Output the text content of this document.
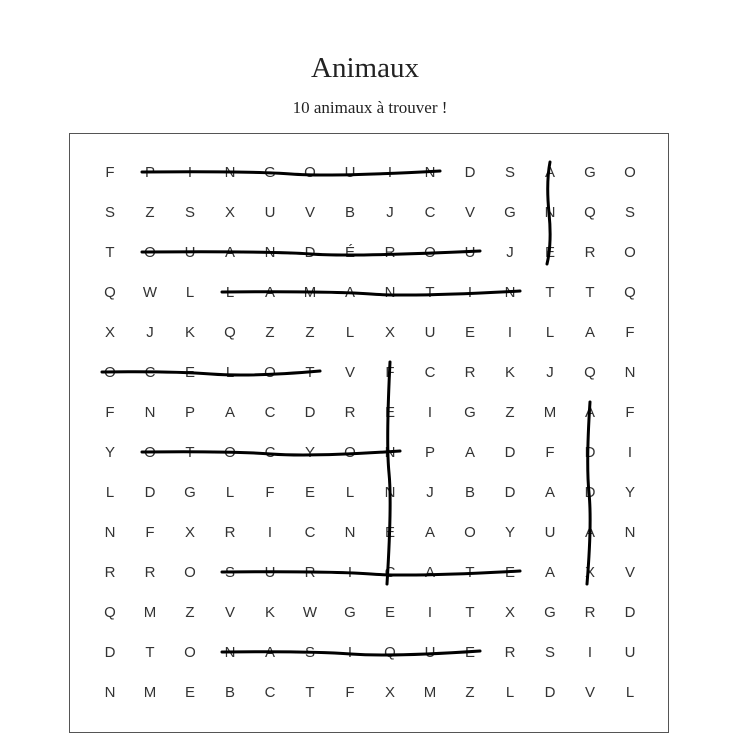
Animaux
10 animaux à trouver !
F	P	I	N	G	O	U	I	N	D	S	A	G	O
S	Z	S	X	U	V	B	J	C	V	G	N	Q	S
T	O	U	A	N	D	É	R	O	U	J	E	R	O
Q	W	L	L	A	M	A	N	T	I	N	T	T	Q
X	J	K	Q	Z	Z	L	X	U	E	I	L	A	F
O	C	E	L	O	T	V	F	C	R	K	J	Q	N
F	N	P	A	C	D	R	E	I	G	Z	M	A	F
Y	O	T	O	C	Y	O	N	P	A	D	F	D	I
L	D	G	L	F	E	L	N	J	B	D	A	D	Y
N	F	X	R	I	C	N	E	A	O	Y	U	A	N
R	R	O	S	U	R	I	C	A	T	E	A	X	V
Q	M	Z	V	K	W	G	E	I	T	X	G	R	D
D	T	O	N	A	S	I	Q	U	E	R	S	I	U
N	M	E	B	C	T	F	X	M	Z	L	D	V	L
